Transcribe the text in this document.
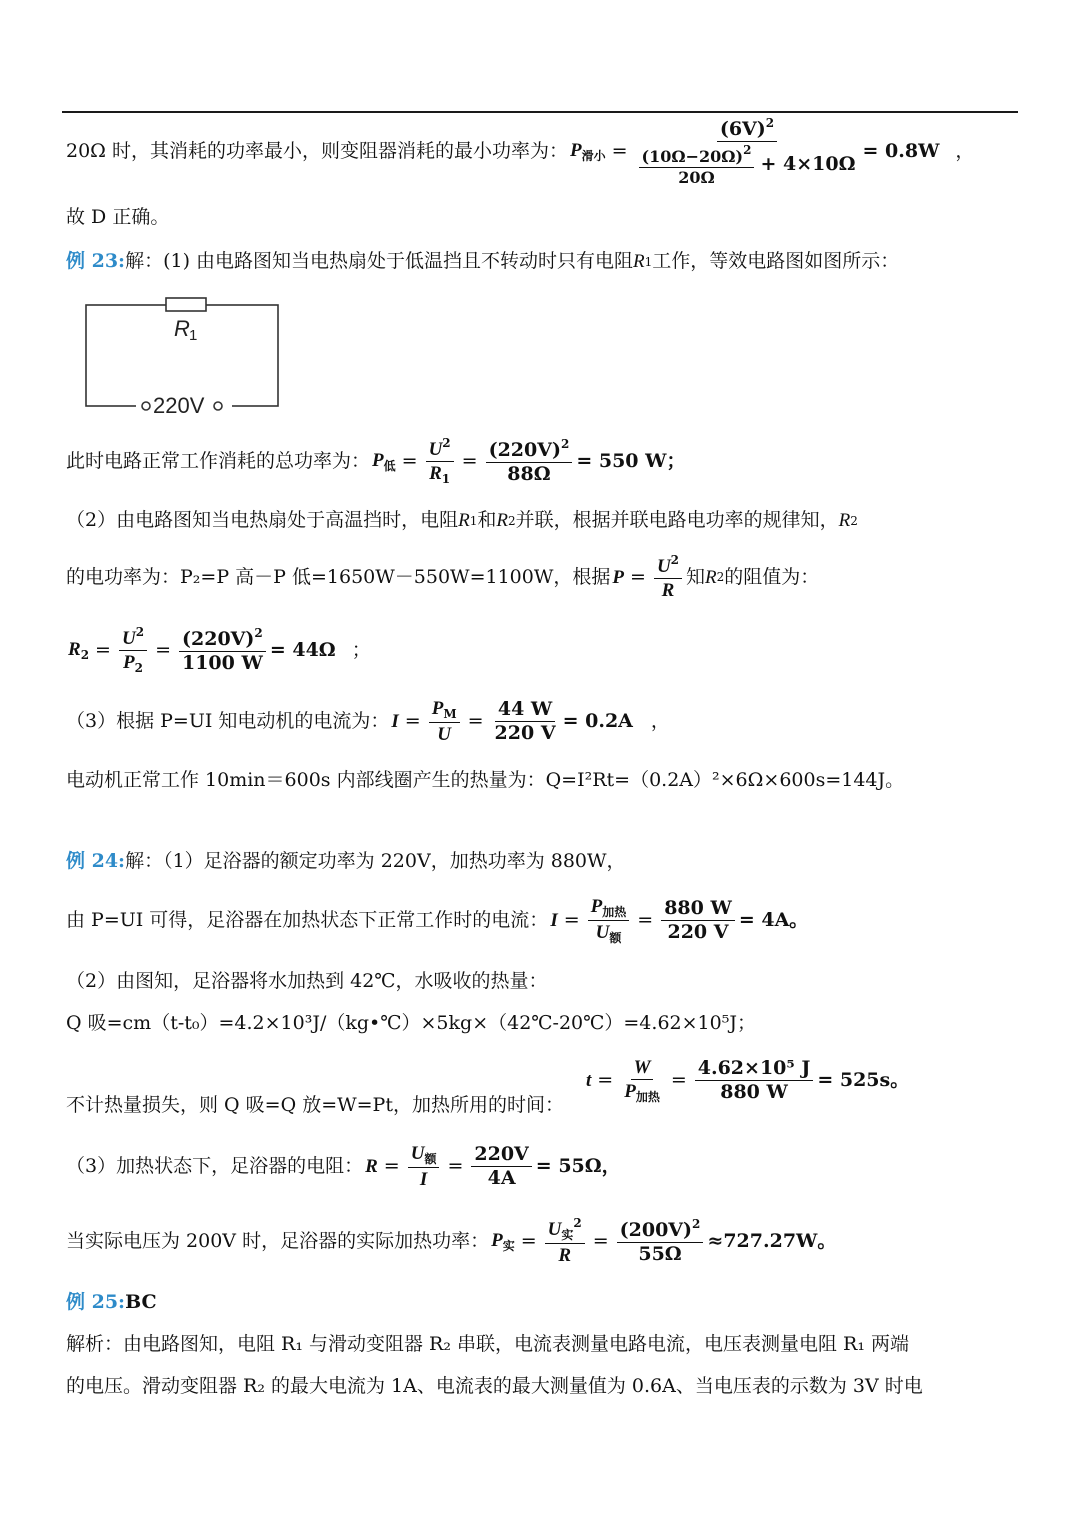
20Ω 时，其消耗的功率最小，则变阻器消耗的最小功率为： $P_{滑小} = \frac{(6V)^2}{\frac{(10\Omega-20\Omega)^2}{20\Omega} + 4\times 10\Omega} = 0.8W$ ，
故 D 正确。
例 23: 解：(1) 由电路图知当电热扇处于低温挡且不转动时只有电阻 R 1 工作，等效电路图如图所示：
R 1
220V
此时电路正常工作消耗的总功率为： $P_低 = \frac{U^2}{R_1} = \frac{(220V)^2}{88\Omega} = 550$ W；
（2）由电路图知当电热扇处于高温挡时，电阻 R 1 和 R 2 并联，根据并联电路电功率的规律知， R 2
的电功率为： P₂=P 高－P 低=1650W－550W=1100W ，根据 $P = \frac{U^2}{R}$ 知 R 2 的阻值为：
$R_2 = \frac{U^2}{P_2} = \frac{(220V)^2}{1100 W} = 44\Omega$ ；
（3）根据 P=UI 知电动机的电流为： $I = \frac{P_M}{U} = \frac{44 W}{220 V} = 0.2A$ ，
电动机正常工作 10min＝600s 内部线圈产生的热量为：Q=I²Rt=（0.2A）²×6Ω×600s=144J。
例 24: 解：（1）足浴器的额定功率为 220V，加热功率为 880W，
由 P=UI 可得，足浴器在加热状态下正常工作时的电流： $I = \frac{P_{加热}}{U_额} = \frac{880 W}{220 V} = 4A$。
（2）由图知，足浴器将水加热到 42℃，水吸收的热量：
Q 吸=cm（t-t₀）=4.2×10³J/（kg•℃）×5kg×（42℃-20℃）=4.62×10⁵J；
不计热量损失，则 Q 吸=Q 放=W=Pt，加热所用的时间：
$t = \frac{W}{P_{加热}} = \frac{\text{4.62×10⁵ J}}{880 W} = 525s$。
（3）加热状态下，足浴器的电阻： $R = \frac{U_额}{I} = \frac{220V}{4A} = 55\Omega$，
当实际电压为 200V 时，足浴器的实际加热功率： $P_实 = \frac{U_实^2}{R} = \frac{(200V)^2}{55\Omega} \approx 727.27W$。
例 25: BC
解析：由电路图知，电阻 R₁ 与滑动变阻器 R₂ 串联，电流表测量电路电流，电压表测量电阻 R₁ 两端
的电压。滑动变阻器 R₂ 的最大电流为 1A、电流表的最大测量值为 0.6A、当电压表的示数为 3V 时电
